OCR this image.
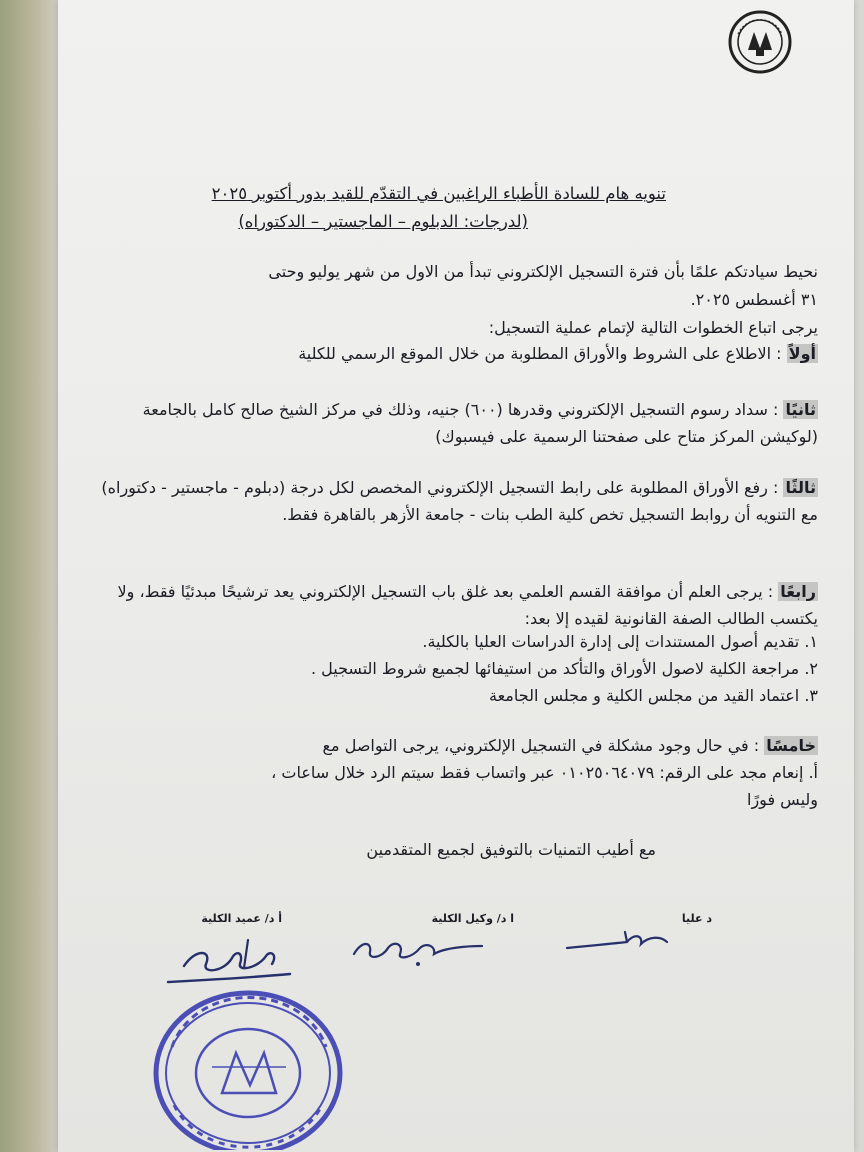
تنويه هام للسادة الأطباء الراغبين في التقدّم للقيد بدور أكتوبر ٢٠٢٥
(لدرجات: الدبلوم – الماجستير – الدكتوراه)
نحيط سيادتكم علمًا بأن فترة التسجيل الإلكتروني تبدأ من الاول من شهر يوليو وحتى
٣١ أغسطس ٢٠٢٥.
يرجى اتباع الخطوات التالية لإتمام عملية التسجيل:
أولاً : الاطلاع على الشروط والأوراق المطلوبة من خلال الموقع الرسمي للكلية
ثانيًا : سداد رسوم التسجيل الإلكتروني وقدرها (٦٠٠) جنيه، وذلك في مركز الشيخ صالح كامل بالجامعة (لوكيشن المركز متاح على صفحتنا الرسمية على فيسبوك)
ثالثًا : رفع الأوراق المطلوبة على رابط التسجيل الإلكتروني المخصص لكل درجة (دبلوم - ماجستير - دكتوراه) مع التنويه أن روابط التسجيل تخص كلية الطب بنات - جامعة الأزهر بالقاهرة فقط.
رابعًا : يرجى العلم أن موافقة القسم العلمي بعد غلق باب التسجيل الإلكتروني يعد ترشيحًا مبدئيًا فقط، ولا يكتسب الطالب الصفة القانونية لقيده إلا بعد:
١. تقديم أصول المستندات إلى إدارة الدراسات العليا بالكلية.
٢. مراجعة الكلية لاصول الأوراق والتأكد من استيفائها لجميع شروط التسجيل .
٣. اعتماد القيد من مجلس الكلية و مجلس الجامعة
خامسًا : في حال وجود مشكلة في التسجيل الإلكتروني، يرجى التواصل مع
أ. إنعام مجد على الرقم: ٠١٠٢٥٠٦٤٠٧٩ عبر واتساب فقط سيتم الرد خلال ساعات ،
وليس فورًا
مع أطيب التمنيات بالتوفيق لجميع المتقدمين
أ د/ عميد الكلية	ا د/ وكيل الكلية	د عليا
